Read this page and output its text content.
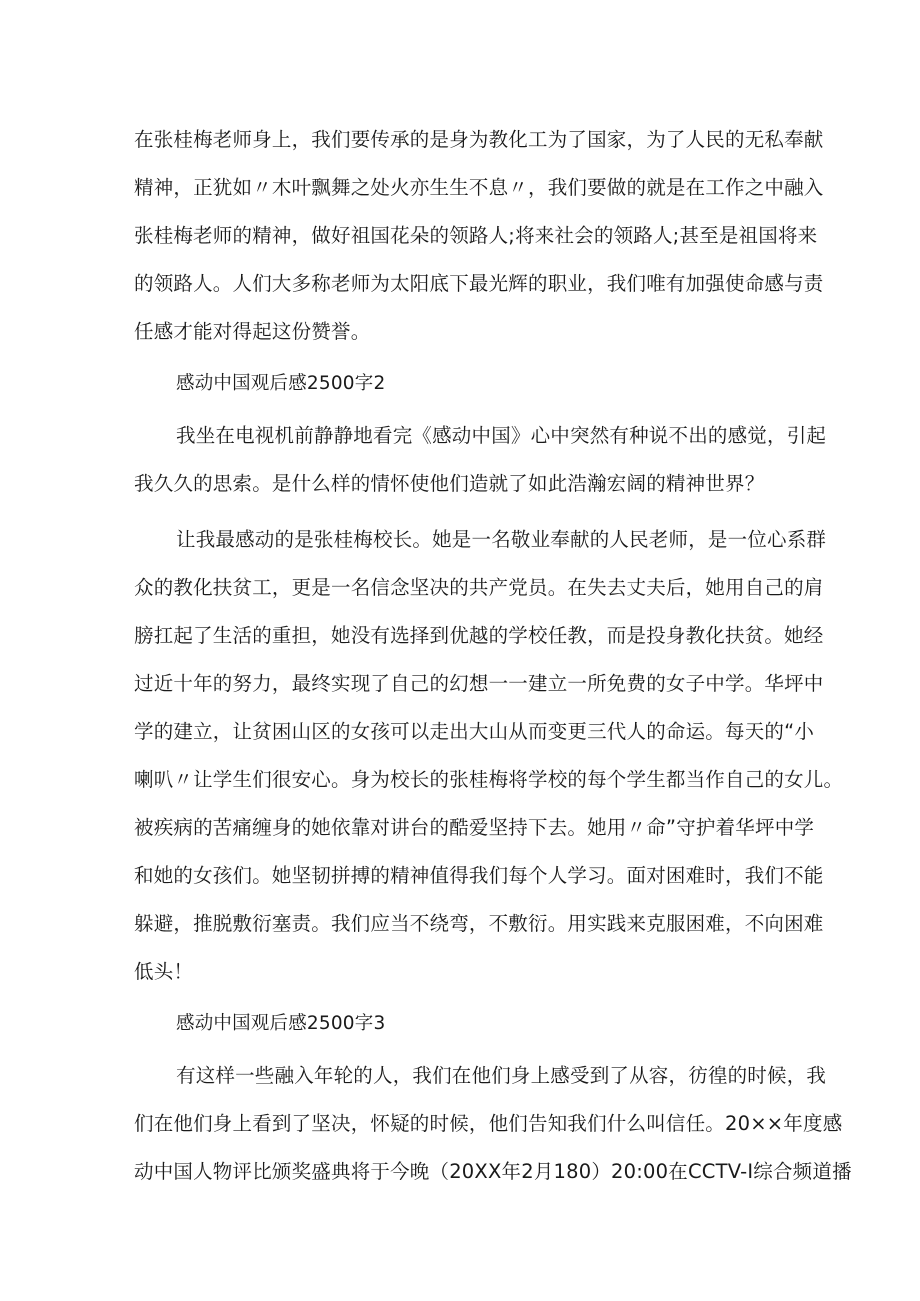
在张桂梅老师身上，我们要传承的是身为教化工为了国家，为了人民的无私奉献
精神，正犹如〃木叶飘舞之处火亦生生不息〃，我们要做的就是在工作之中融入
张桂梅老师的精神，做好祖国花朵的领路人;将来社会的领路人;甚至是祖国将来
的领路人。人们大多称老师为太阳底下最光辉的职业，我们唯有加强使命感与责
任感才能对得起这份赞誉。
感动中国观后感2500字2
我坐在电视机前静静地看完《感动中国》心中突然有种说不出的感觉，引起
我久久的思索。是什么样的情怀使他们造就了如此浩瀚宏阔的精神世界？
让我最感动的是张桂梅校长。她是一名敬业奉献的人民老师，是一位心系群
众的教化扶贫工，更是一名信念坚决的共产党员。在失去丈夫后，她用自己的肩
膀扛起了生活的重担，她没有选择到优越的学校任教，而是投身教化扶贫。她经
过近十年的努力，最终实现了自己的幻想一一建立一所免费的女子中学。华坪中
学的建立，让贫困山区的女孩可以走出大山从而变更三代人的命运。每天的“小
喇叭〃让学生们很安心。身为校长的张桂梅将学校的每个学生都当作自己的女儿。
被疾病的苦痛缠身的她依靠对讲台的酷爱坚持下去。她用〃命”守护着华坪中学
和她的女孩们。她坚韧拼搏的精神值得我们每个人学习。面对困难时，我们不能
躲避，推脱敷衍塞责。我们应当不绕弯，不敷衍。用实践来克服困难，不向困难
低头！
感动中国观后感2500字3
有这样一些融入年轮的人，我们在他们身上感受到了从容，彷徨的时候，我
们在他们身上看到了坚决，怀疑的时候，他们告知我们什么叫信任。20××年度感
动中国人物评比颁奖盛典将于今晚（20XX年2月180）20:00在CCTV-I综合频道播
